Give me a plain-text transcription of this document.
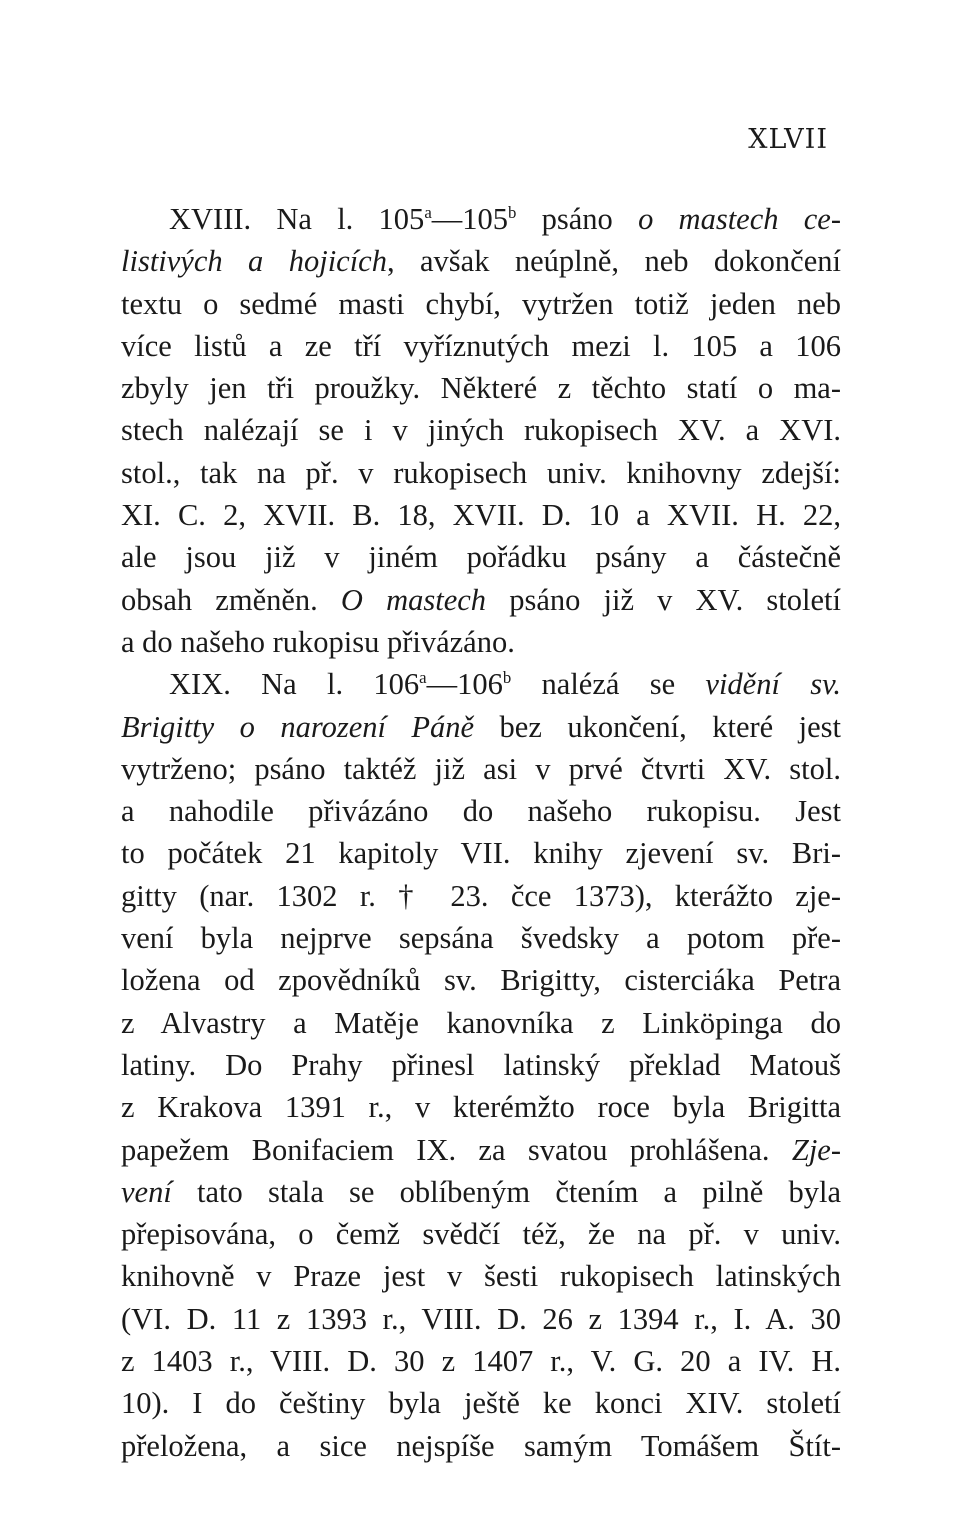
XLVII
XVIII. Na l. 105$^a$—105$^b$ psáno o mastech ce-
listivých a hojicích, avšak neúplně, neb dokončení
textu o sedmé masti chybí, vytržen totiž jeden neb
více listů a ze tří vyříznutých mezi l. 105 a 106
zbyly jen tři proužky. Některé z těchto statí o ma-
stech nalézají se i v jiných rukopisech XV. a XVI.
stol., tak na př. v rukopisech univ. knihovny zdejší:
XI. C. 2, XVII. B. 18, XVII. D. 10 a XVII. H. 22,
ale jsou již v jiném pořádku psány a částečně
obsah změněn. O mastech psáno již v XV. století
a do našeho rukopisu přivázáno.
XIX. Na l. 106$^a$—106$^b$ nalézá se vidění sv.
Brigitty o narození Páně bez ukončení, které jest
vytrženo; psáno taktéž již asi v prvé čtvrti XV. stol.
a nahodile přivázáno do našeho rukopisu. Jest
to počátek 21 kapitoly VII. knihy zjevení sv. Bri-
gitty (nar. 1302 r. † 23. čce 1373), kterážto zje-
vení byla nejprve sepsána švedsky a potom pře-
ložena od zpovědníků sv. Brigitty, cisterciáka Petra
z Alvastry a Matěje kanovníka z Linköpinga do
latiny. Do Prahy přinesl latinský překlad Matouš
z Krakova 1391 r., v kterémžto roce byla Brigitta
papežem Bonifaciem IX. za svatou prohlášena. Zje-
vení tato stala se oblíbeným čtením a pilně byla
přepisována, o čemž svědčí též, že na př. v univ.
knihovně v Praze jest v šesti rukopisech latinských
(VI. D. 11 z 1393 r., VIII. D. 26 z 1394 r., I. A. 30
z 1403 r., VIII. D. 30 z 1407 r., V. G. 20 a IV. H.
10). I do češtiny byla ještě ke konci XIV. století
přeložena, a sice nejspíše samým Tomášem Štít-
